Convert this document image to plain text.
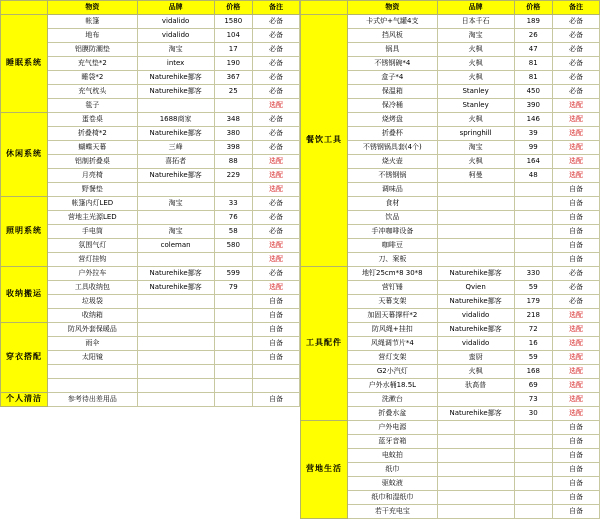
	物资	品牌	价格	备注
睡眠系统	帐篷	vidalido	1580	必备
	地布	vidalido	104	必备
	铝膜防潮垫	淘宝	17	必备
	充气垫*2	intex	190	必备
	睡袋*2	Naturehike挪客	367	必备
	充气枕头	Naturehike挪客	25	必备
	毯子			选配
休闲系统	蛋卷桌	1688商家	348	必备
	折叠椅*2	Naturehike挪客	380	必备
	蝴蝶天幕	三峰	398	必备
	铝制折叠桌	喜拓者	88	选配
	月亮椅	Naturehike挪客	229	选配
	野餐垫			选配
照明系统	帐篷内灯LED	淘宝	33	必备
	营地主光源LED		76	必备
	手电筒	淘宝	58	必备
	氛围气灯	coleman	580	选配
	营灯挂钩			选配
收纳搬运	户外拉车	Naturehike挪客	599	必备
	工具收纳包	Naturehike挪客	79	选配
	垃圾袋			自备
	收纳箱			自备
穿衣搭配	防风外套保暖品			自备
	雨伞			自备
	太阳镜			自备

个人清洁	参考待出差用品			自备
	物资	品牌	价格	备注
餐饮工具	卡式炉+气罐4支	日本千石	189	必备
	挡风板	淘宝	26	必备
	锅具	火枫	47	必备
	不锈钢碗*4	火枫	81	必备
	盒子*4	火枫	81	必备
	保温箱	Stanley	450	必备
	保冷桶	Stanley	390	选配
	烧烤盘	火枫	146	选配
	折叠杯	springhill	39	选配
	不锈钢锅具套(4个)	淘宝	99	选配
	烧火壶	火枫	164	选配
	不锈钢锅	柯曼	48	选配
	调味品			自备
	食材			自备
	饮品			自备
	手冲咖啡设备			自备
	咖啡豆			自备
	刀、案板			自备
工具配件	地钉25cm*8 30*8	Naturehike挪客	330	必备
	营钉锤	Qvien	59	必备
	天幕支架	Naturehike挪客	179	必备
	加固天幕撑杆*2	vidalido	218	选配
	防风绳+挂扣	Naturehike挪客	72	选配
	风绳调节片*4	vidalido	16	选配
	营灯支架	蛮厨	59	选配
	G2小汽灯	火枫	168	选配
	户外水桶18.5L	驮高普	69	选配
	洗漱台		73	选配
	折叠水盆	Naturehike挪客	30	选配
营地生活	户外电源			自备
	蓝牙音箱			自备
	电蚊拍			自备
	纸巾			自备
	驱蚊液			自备
	纸巾和湿纸巾			自备
	若干充电宝			自备
